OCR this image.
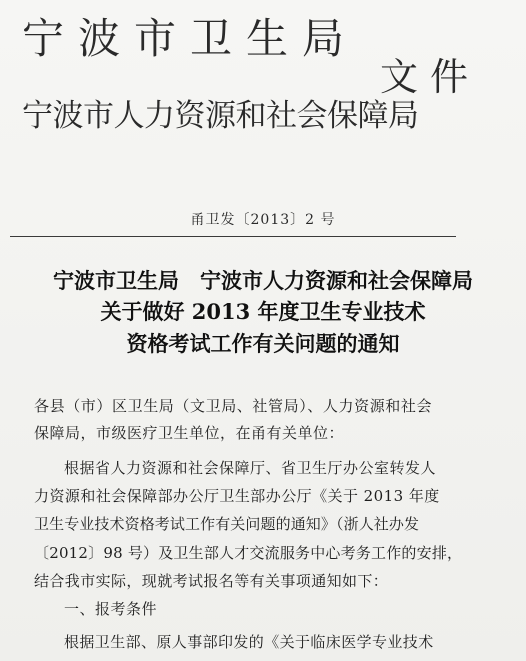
宁波市卫生局
宁波市人力资源和社会保障局
文件
甬卫发〔2013〕2 号
宁波市卫生局　宁波市人力资源和社会保障局
关于做好 2013 年度卫生专业技术
资格考试工作有关问题的通知
各县（市）区卫生局（文卫局、社管局）、人力资源和社会
保障局，市级医疗卫生单位，在甬有关单位：
根据省人力资源和社会保障厅、省卫生厅办公室转发人
力资源和社会保障部办公厅卫生部办公厅《关于 2013 年度
卫生专业技术资格考试工作有关问题的通知》（浙人社办发
〔2012〕98 号）及卫生部人才交流服务中心考务工作的安排，
结合我市实际，现就考试报名等有关事项通知如下：
一、报考条件
根据卫生部、原人事部印发的《关于临床医学专业技术
